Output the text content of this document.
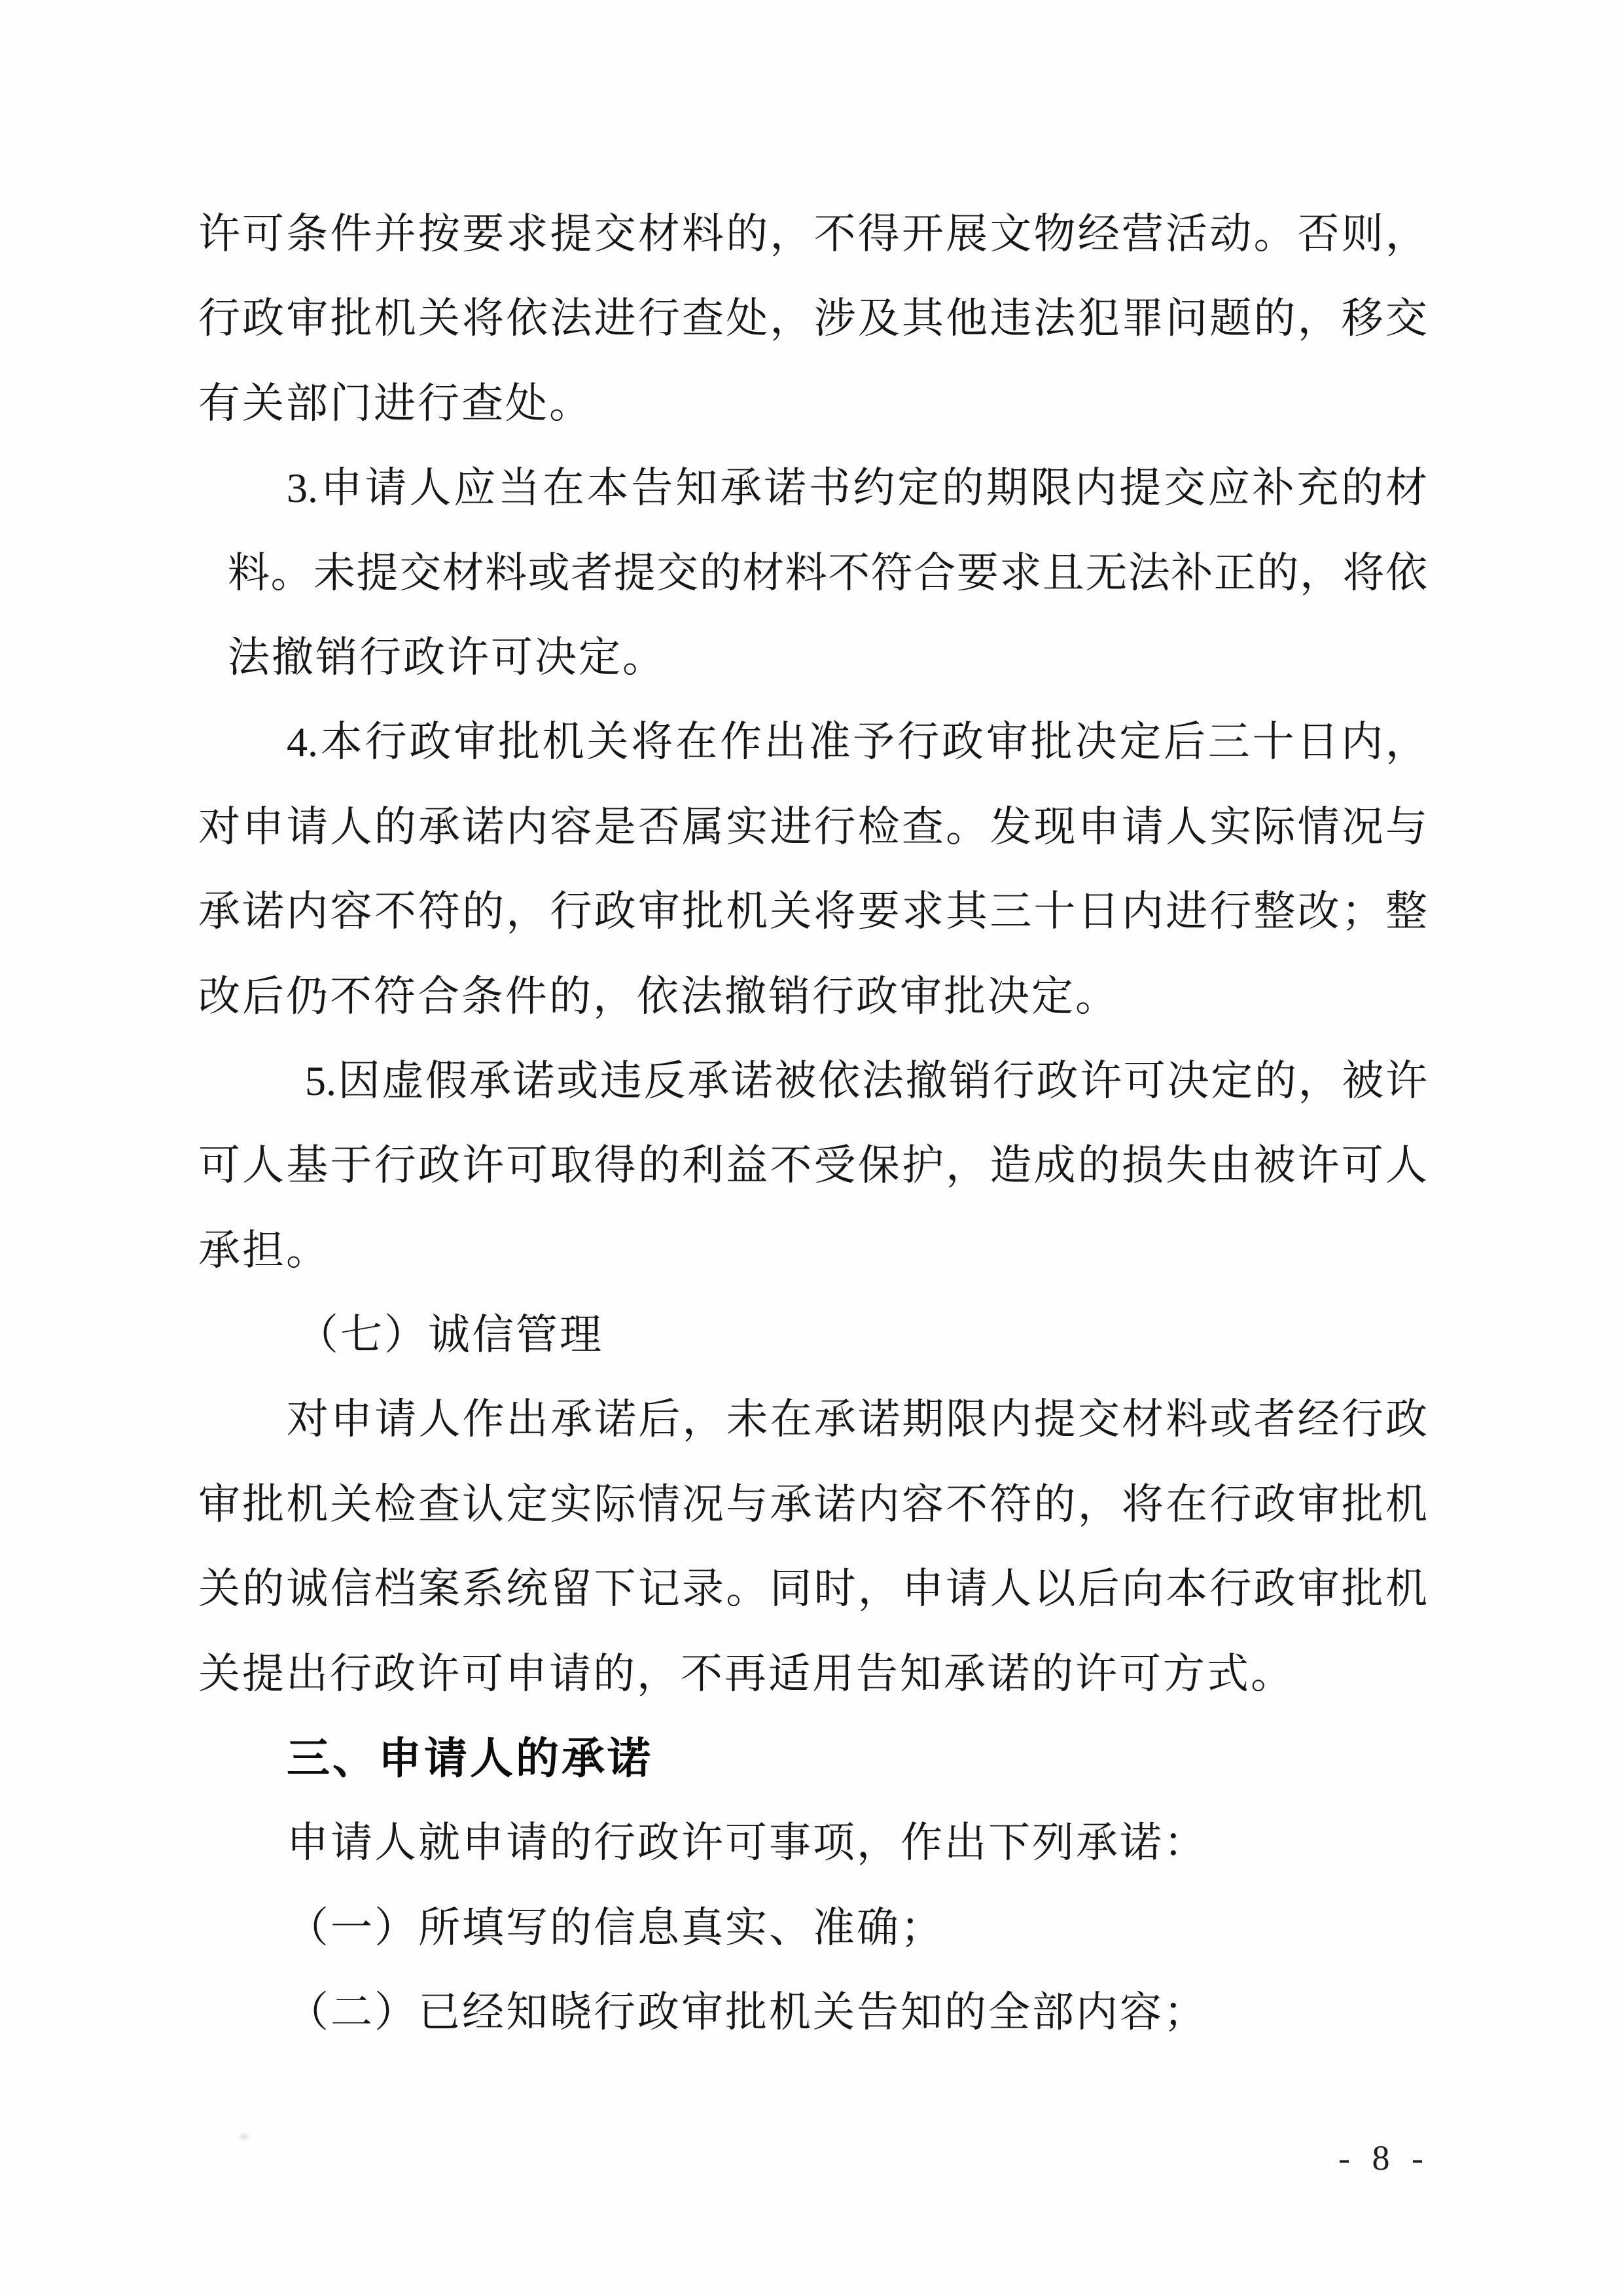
许可条件并按要求提交材料的，不得开展文物经营活动。否则，
行政审批机关将依法进行查处，涉及其他违法犯罪问题的，移交
有关部门进行查处。
3.申请人应当在本告知承诺书约定的期限内提交应补充的材
料。未提交材料或者提交的材料不符合要求且无法补正的，将依
法撤销行政许可决定。
4.本行政审批机关将在作出准予行政审批决定后三十日内，
对申请人的承诺内容是否属实进行检查。发现申请人实际情况与
承诺内容不符的，行政审批机关将要求其三十日内进行整改；整
改后仍不符合条件的，依法撤销行政审批决定。
5.因虚假承诺或违反承诺被依法撤销行政许可决定的，被许
可人基于行政许可取得的利益不受保护，造成的损失由被许可人
承担。
（七）诚信管理
对申请人作出承诺后，未在承诺期限内提交材料或者经行政
审批机关检查认定实际情况与承诺内容不符的，将在行政审批机
关的诚信档案系统留下记录。同时，申请人以后向本行政审批机
关提出行政许可申请的，不再适用告知承诺的许可方式。
三、申请人的承诺
申请人就申请的行政许可事项，作出下列承诺：
（一）所填写的信息真实、准确；
（二）已经知晓行政审批机关告知的全部内容；
- 8 -
